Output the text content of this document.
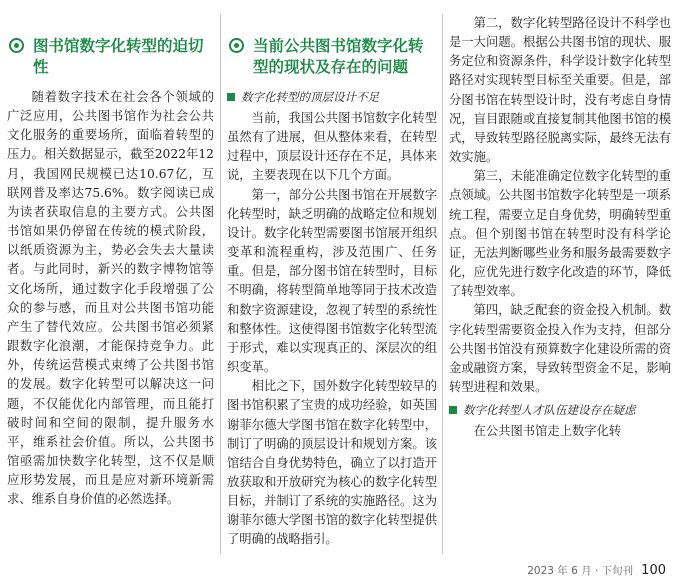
图书馆数字化转型的迫切性

随着数字技术在社会各个领域的广泛应用，公共图书馆作为社会公共文化服务的重要场所，面临着转型的压力。相关数据显示，截至2022年12月，我国网民规模已达10.67亿，互联网普及率达75.6%。数字阅读已成为读者获取信息的主要方式。公共图书馆如果仍停留在传统的模式阶段，以纸质资源为主，势必会失去大量读者。与此同时，新兴的数字博物馆等文化场所，通过数字化手段增强了公众的参与感，而且对公共图书馆功能产生了替代效应。公共图书馆必须紧跟数字化浪潮，才能保持竞争力。此外，传统运营模式束缚了公共图书馆的发展。数字化转型可以解决这一问题，不仅能优化内部管理，而且能打破时间和空间的限制，提升服务水平，维系社会价值。所以，公共图书馆亟需加快数字化转型，这不仅是顺应形势发展，而且是应对新环境新需求、维系自身价值的必然选择。

当前公共图书馆数字化转型的现状及存在的问题
数字化转型的顶层设计不足

当前，我国公共图书馆数字化转型虽然有了进展，但从整体来看，在转型过程中，顶层设计还存在不足，具体来说，主要表现在以下几个方面。

第一，部分公共图书馆在开展数字化转型时，缺乏明确的战略定位和规划设计。数字化转型需要图书馆展开组织变革和流程重构，涉及范围广、任务重。但是，部分图书馆在转型时，目标不明确，将转型简单地等同于技术改造和数字资源建设，忽视了转型的系统性和整体性。这使得图书馆数字化转型流于形式，难以实现真正的、深层次的组织变革。

相比之下，国外数字化转型较早的图书馆积累了宝贵的成功经验，如英国谢菲尔德大学图书馆在数字化转型中，制订了明确的顶层设计和规划方案。该馆结合自身优势特色，确立了以打造开放获取和开放研究为核心的数字化转型目标，并制订了系统的实施路径。这为谢菲尔德大学图书馆的数字化转型提供了明确的战略指引。

第二，数字化转型路径设计不科学也是一大问题。根据公共图书馆的现状、服务定位和资源条件，科学设计数字化转型路径对实现转型目标至关重要。但是，部分图书馆在转型设计时，没有考虑自身情况，盲目跟随或直接复制其他图书馆的模式，导致转型路径脱离实际，最终无法有效实施。

第三，未能准确定位数字化转型的重点领域。公共图书馆数字化转型是一项系统工程，需要立足自身优势，明确转型重点。但个别图书馆在转型时没有科学论证，无法判断哪些业务和服务最需要数字化，应优先进行数字化改造的环节，降低了转型效率。

第四，缺乏配套的资金投入机制。数字化转型需要资金投入作为支持，但部分公共图书馆没有预算数字化建设所需的资金或融资方案，导致转型资金不足，影响转型进程和效果。

数字化转型人才队伍建设存在疑虑

在公共图书馆走上数字化转

2023 年 6 月 · 下旬刊 100
